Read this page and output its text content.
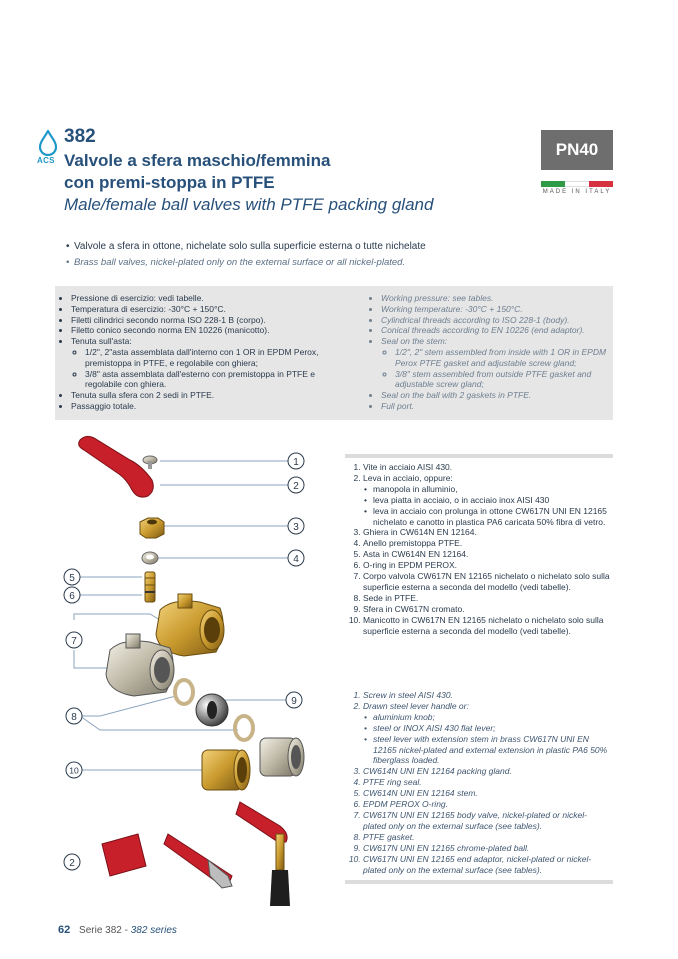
ACS
382
Valvole a sfera maschio/femmina
con premi-stoppa in PTFE
Male/female ball valves with PTFE packing gland
PN40
MADE IN ITALY
• Valvole a sfera in ottone, nichelate solo sulla superficie esterna o tutte nichelate
• Brass ball valves, nickel-plated only on the external surface or all nickel-plated.
• Pressione di esercizio: vedi tabelle.
• Temperatura di esercizio: -30°C + 150°C.
• Filetti cilindrici secondo norma ISO 228-1 B (corpo).
• Filetto conico secondo norma EN 10226 (manicotto).
• Tenuta sull'asta:
◦ 1/2", 2"asta assemblata dall'interno con 1 OR in EPDM Perox, premistoppa in PTFE, e regolabile con ghiera;
◦ 3/8" asta assemblata dall'esterno con premistoppa in PTFE e regolabile con ghiera.
• Tenuta sulla sfera con 2 sedi in PTFE.
• Passaggio totale.
• Working pressure: see tables.
• Working temperature: -30°C + 150°C.
• Cylindrical threads according to ISO 228-1 (body).
• Conical threads according to EN 10226 (end adaptor).
• Seal on the stem:
◦ 1/2", 2" stem assembled from inside with 1 OR in EPDM Perox PTFE gasket and adjustable screw gland;
◦ 3/8" stem assembled from outside PTFE gasket and adjustable screw gland;
• Seal on the ball with 2 gaskets in PTFE.
• Full port.
1. Vite in acciaio AISI 430.
2. Leva in acciaio, oppure:
• manopola in alluminio,
• leva piatta in acciaio, o in acciaio inox AISI 430
• leva in acciaio con prolunga in ottone CW617N UNI EN 12165 nichelato e canotto in plastica PA6 caricata 50% fibra di vetro.
3. Ghiera in CW614N EN 12164.
4. Anello premistoppa PTFE.
5. Asta in CW614N EN 12164.
6. O-ring in EPDM PEROX.
7. Corpo valvola CW617N EN 12165 nichelato o nichelato solo sulla superficie esterna a seconda del modello (vedi tabelle).
8. Sede in PTFE.
9. Sfera in CW617N cromato.
10. Manicotto in CW617N EN 12165 nichelato o nichelato solo sulla superficie esterna a seconda del modello (vedi tabelle).
1. Screw in steel AISI 430.
2. Drawn steel lever handle or:
• aluminium knob;
• steel or INOX AISI 430 flat lever;
• steel lever with extension stem in brass CW617N UNI EN 12165 nickel-plated and external extension in plastic PA6 50% fiberglass loaded.
3. CW614N UNI EN 12164 packing gland.
4. PTFE ring seal.
5. CW614N UNI EN 12164 stem.
6. EPDM PEROX O-ring.
7. CW617N UNI EN 12165 body valve, nickel-plated or nickel-plated only on the external surface (see tables).
8. PTFE gasket.
9. CW617N UNI EN 12165 chrome-plated ball.
10. CW617N UNI EN 12165 end adaptor, nickel-plated or nickel-plated only on the external surface (see tables).
1
2
3
4
5
6
7
8
9
10
2
62 Serie 382 - 382 series
